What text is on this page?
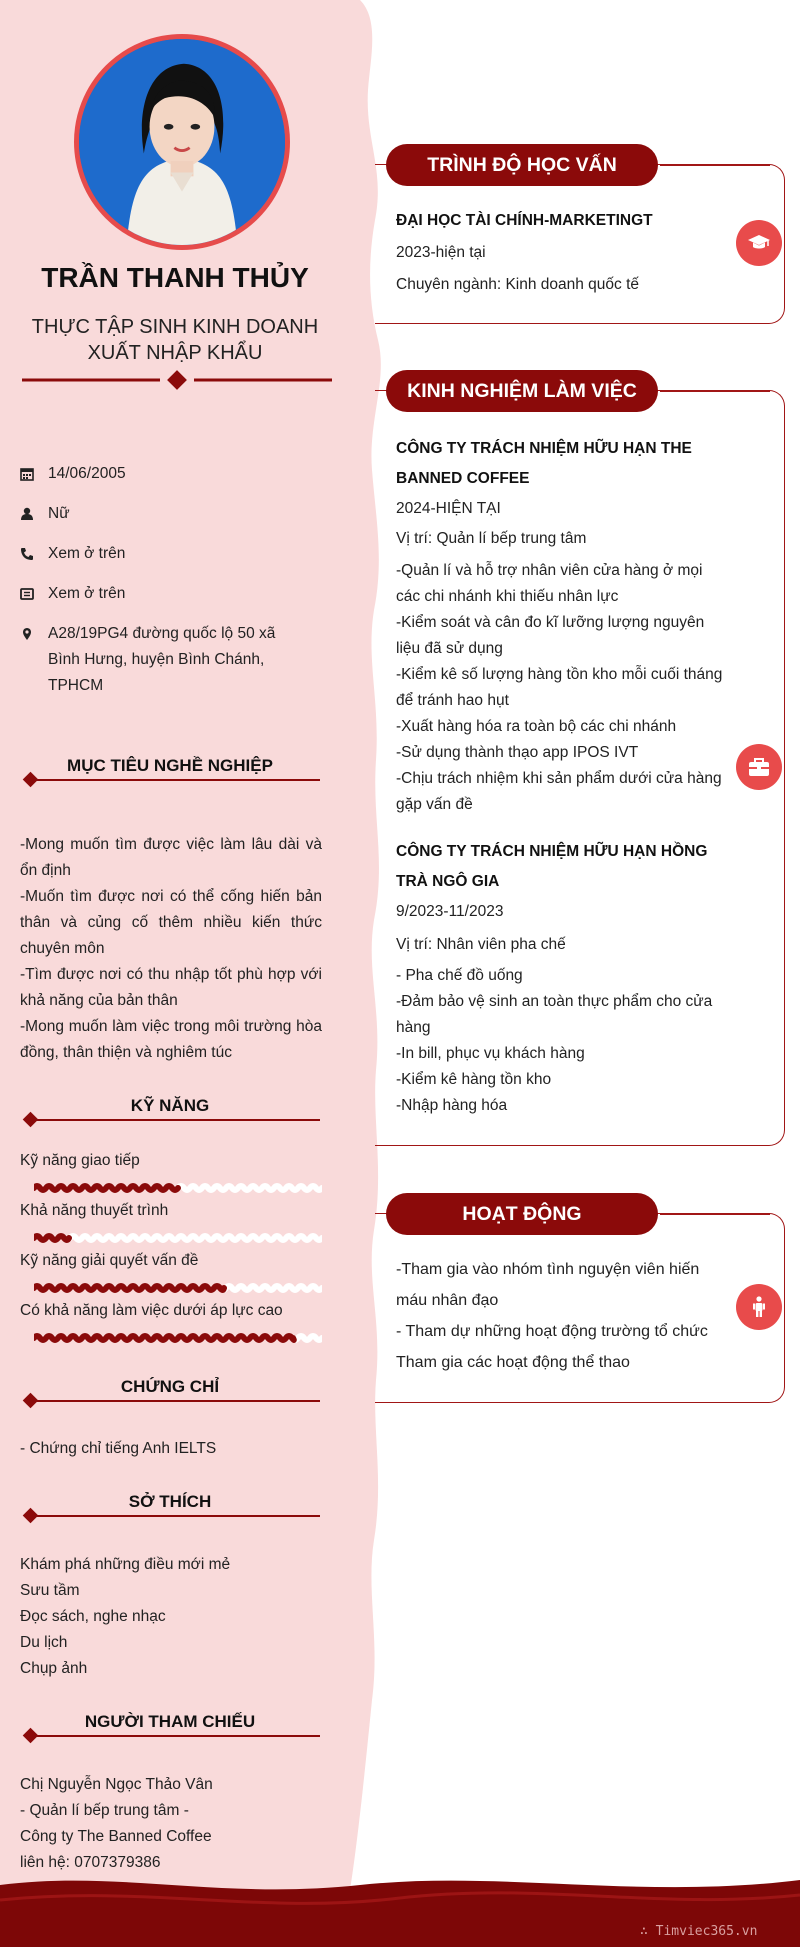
TRẦN THANH THỦY
THỰC TẬP SINH KINH DOANH XUẤT NHẬP KHẨU
14/06/2005
Nữ
Xem ở trên
Xem ở trên
A28/19PG4 đường quốc lộ 50 xã Bình Hưng, huyện Bình Chánh, TPHCM
MỤC TIÊU NGHỀ NGHIỆP

-Mong muốn tìm được việc làm lâu dài và ổn định

-Muốn tìm được nơi có thể cống hiến bản thân và củng cố thêm nhiều kiến thức chuyên môn

-Tìm được nơi có thu nhập tốt phù hợp với khả năng của bản thân

-Mong muốn làm việc trong môi trường hòa đồng, thân thiện và nghiêm túc

KỸ NĂNG
Kỹ năng giao tiếp
Khả năng thuyết trình
Kỹ năng giải quyết vấn đề
Có khả năng làm việc dưới áp lực cao
CHỨNG CHỈ

- Chứng chỉ tiếng Anh IELTS

SỞ THÍCH

Khám phá những điều mới mẻ

Sưu tầm

Đọc sách, nghe nhạc

Du lịch

Chụp ảnh

NGƯỜI THAM CHIẾU

Chị Nguyễn Ngọc Thảo Vân

- Quản lí bếp trung tâm -

Công ty The Banned Coffee

liên hệ: 0707379386

TRÌNH ĐỘ HỌC VẤN
ĐẠI HỌC TÀI CHÍNH-MARKETINGT
2023-hiện tại
Chuyên ngành: Kinh doanh quốc tế
KINH NGHIỆM LÀM VIỆC
CÔNG TY TRÁCH NHIỆM HỮU HẠN THE BANNED COFFEE
2024-HIỆN TẠI
Vị trí: Quản lí bếp trung tâm

-Quản lí và hỗ trợ nhân viên cửa hàng ở mọi các chi nhánh khi thiếu nhân lực

-Kiểm soát và cân đo kĩ lưỡng lượng nguyên liệu đã sử dụng

-Kiểm kê số lượng hàng tồn kho mỗi cuối tháng để tránh hao hụt

-Xuất hàng hóa ra toàn bộ các chi nhánh

-Sử dụng thành thạo app IPOS IVT

-Chịu trách nhiệm khi sản phẩm dưới cửa hàng gặp vấn đề

CÔNG TY TRÁCH NHIỆM HỮU HẠN HỒNG TRÀ NGÔ GIA
9/2023-11/2023
Vị trí: Nhân viên pha chế

- Pha chế đồ uống

-Đảm bảo vệ sinh an toàn thực phẩm cho cửa hàng

-In bill, phục vụ khách hàng

-Kiểm kê hàng tồn kho

-Nhập hàng hóa

HOẠT ĐỘNG

-Tham gia vào nhóm tình nguyện viên hiến máu nhân đạo

- Tham dự những hoạt động trường tổ chức

Tham gia các hoạt động thể thao

∴ Timviec365.vn
